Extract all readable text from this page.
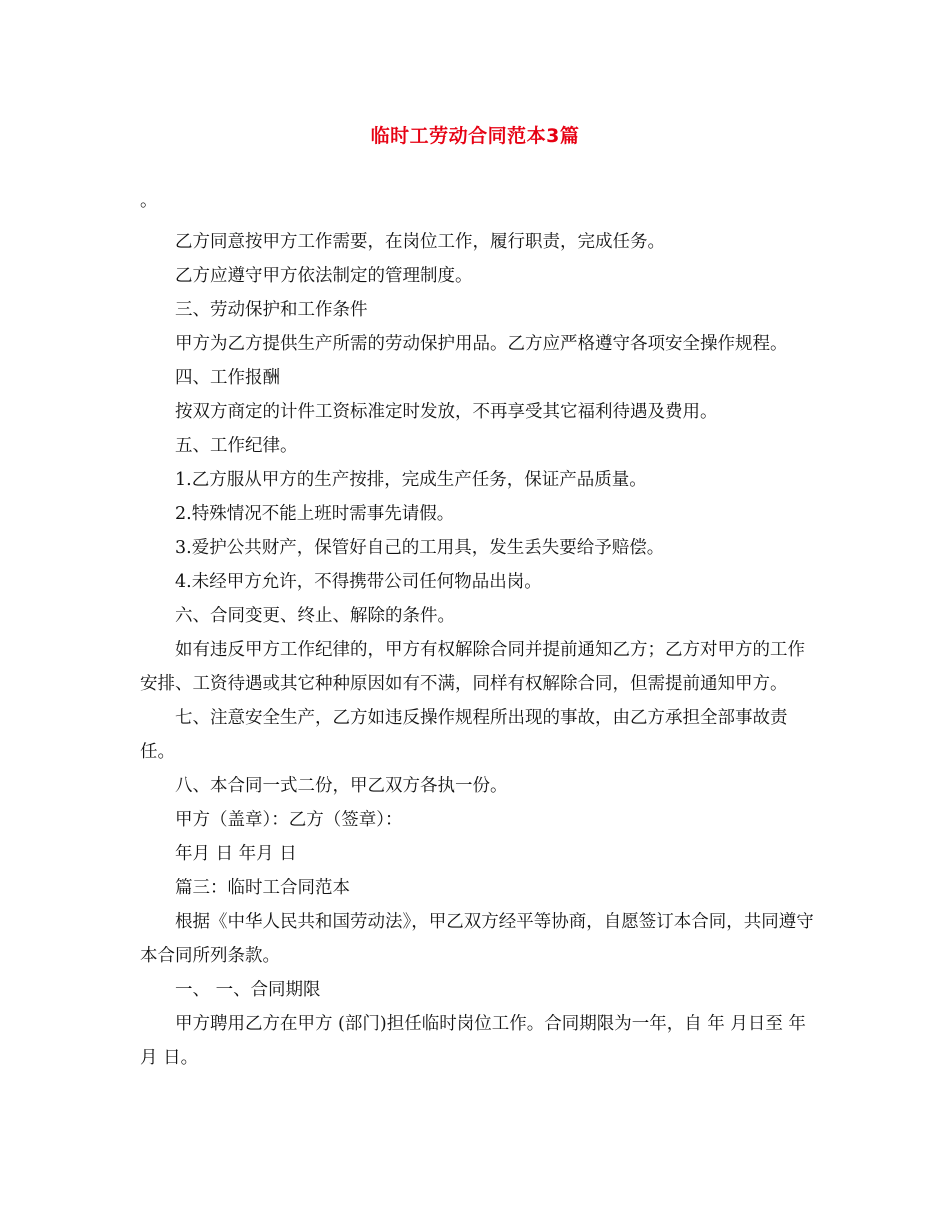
临时工劳动合同范本3篇

。

乙方同意按甲方工作需要，在岗位工作，履行职责，完成任务。

乙方应遵守甲方依法制定的管理制度。

三、劳动保护和工作条件

甲方为乙方提供生产所需的劳动保护用品。乙方应严格遵守各项安全操作规程。

四、工作报酬

按双方商定的计件工资标准定时发放，不再享受其它福利待遇及费用。

五、工作纪律。

1.乙方服从甲方的生产按排，完成生产任务，保证产品质量。

2.特殊情况不能上班时需事先请假。

3.爱护公共财产，保管好自己的工用具，发生丢失要给予赔偿。

4.未经甲方允许，不得携带公司任何物品出岗。

六、合同变更、终止、解除的条件。

如有违反甲方工作纪律的，甲方有权解除合同并提前通知乙方；乙方对甲方的工作安排、工资待遇或其它种种原因如有不满，同样有权解除合同，但需提前通知甲方。

七、注意安全生产，乙方如违反操作规程所出现的事故，由乙方承担全部事故责任。

八、本合同一式二份，甲乙双方各执一份。

甲方（盖章）：乙方（签章）：

年月 日 年月 日

篇三：临时工合同范本

根据《中华人民共和国劳动法》，甲乙双方经平等协商，自愿签订本合同，共同遵守本合同所列条款。

一、 一、合同期限

甲方聘用乙方在甲方 (部门)担任临时岗位工作。合同期限为一年，自 年 月日至 年 月 日。
